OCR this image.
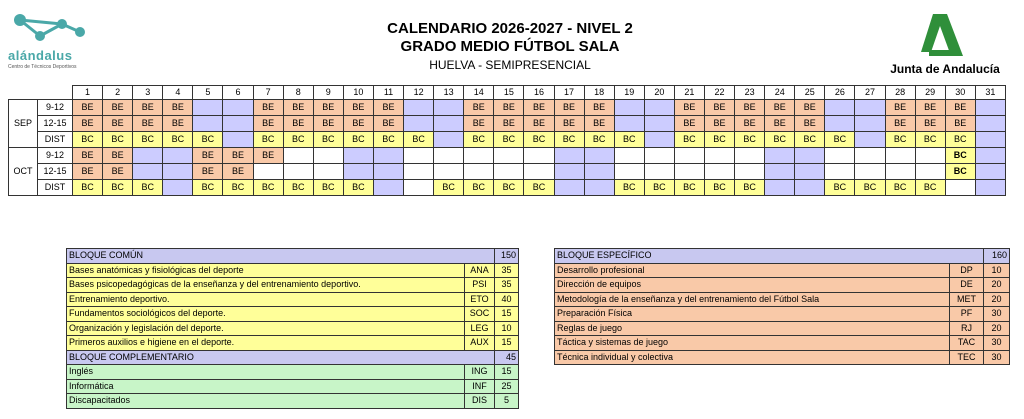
alándalus
Centro de Técnicos Deportivos
CALENDARIO 2026-2027 - NIVEL 2
GRADO MEDIO FÚTBOL SALA
HUELVA - SEMIPRESENCIAL	Junta de Andalucía
		1	2	3	4	5	6	7	8	9	10	11	12	13	14	15	16	17	18	19	20	21	22	23	24	25	26	27	28	29	30	31
SEP	9-12	BE	BE	BE	BE			BE	BE	BE	BE	BE			BE	BE	BE	BE	BE			BE	BE	BE	BE	BE			BE	BE	BE	
	12-15	BE	BE	BE	BE			BE	BE	BE	BE	BE			BE	BE	BE	BE	BE			BE	BE	BE	BE	BE			BE	BE	BE	
	DIST	BC	BC	BC	BC	BC		BC	BC	BC	BC	BC	BC		BC	BC	BC	BC	BC	BC		BC	BC	BC	BC	BC	BC		BC	BC	BC	
OCT	9-12	BE	BE			BE	BE	BE																							BC	
	12-15	BE	BE			BE	BE																								BC	
	DIST	BC	BC	BC		BC	BC	BC	BC	BC	BC			BC	BC	BC	BC			BC	BC	BC	BC	BC			BC	BC	BC	BC		
BLOQUE COMÚN		150
Bases anatómicas y fisiológicas del deporte	ANA	35
Bases psicopedagógicas de la enseñanza y del entrenamiento deportivo.	PSI	35
Entrenamiento deportivo.	ETO	40
Fundamentos sociológicos del deporte.	SOC	15
Organización y legislación del deporte.	LEG	10
Primeros auxilios e higiene en el deporte.	AUX	15
BLOQUE COMPLEMENTARIO		45
Inglés	ING	15
Informática	INF	25
Discapacitados	DIS	5
BLOQUE ESPECÍFICO		160
Desarrollo profesional	DP	10
Dirección de equipos	DE	20
Metodología de la enseñanza y del entrenamiento del Fútbol Sala	MET	20
Preparación Física	PF	30
Reglas de juego	RJ	20
Táctica y sistemas de juego	TAC	30
Técnica individual y colectiva	TEC	30
